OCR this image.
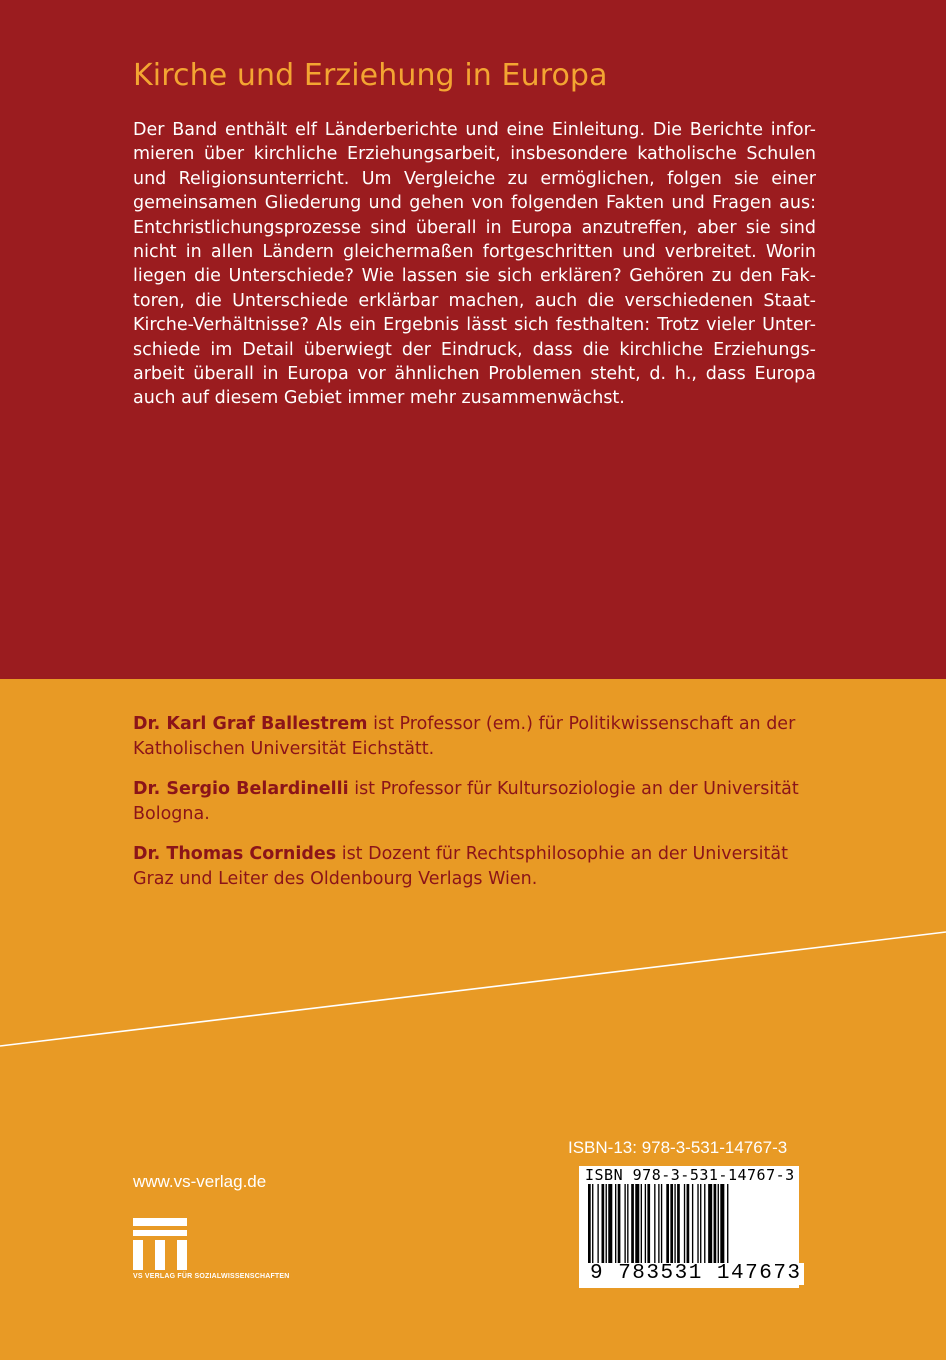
Kirche und Erziehung in Europa
Der Band enthält elf Länderberichte und eine Einleitung. Die Berichte infor-
mieren über kirchliche Erziehungsarbeit, insbesondere katholische Schulen
und Religionsunterricht. Um Vergleiche zu ermöglichen, folgen sie einer
gemeinsamen Gliederung und gehen von folgenden Fakten und Fragen aus:
Entchristlichungsprozesse sind überall in Europa anzutreffen, aber sie sind
nicht in allen Ländern gleichermaßen fortgeschritten und verbreitet. Worin
liegen die Unterschiede? Wie lassen sie sich erklären? Gehören zu den Fak-
toren, die Unterschiede erklärbar machen, auch die verschiedenen Staat-
Kirche-Verhältnisse? Als ein Ergebnis lässt sich festhalten: Trotz vieler Unter-
schiede im Detail überwiegt der Eindruck, dass die kirchliche Erziehungs-
arbeit überall in Europa vor ähnlichen Problemen steht, d. h., dass Europa
auch auf diesem Gebiet immer mehr zusammenwächst.

Dr. Karl Graf Ballestrem ist Professor (em.) für Politikwissenschaft an der
Katholischen Universität Eichstätt.

Dr. Sergio Belardinelli ist Professor für Kultursoziologie an der Universität
Bologna.

Dr. Thomas Cornides ist Dozent für Rechtsphilosophie an der Universität
Graz und Leiter des Oldenbourg Verlags Wien.

www.vs-verlag.de
VS VERLAG FÜR SOZIALWISSENSCHAFTEN
ISBN-13: 978-3-531-14767-3
ISBN 978-3-531-14767-3
9 783531 147673
